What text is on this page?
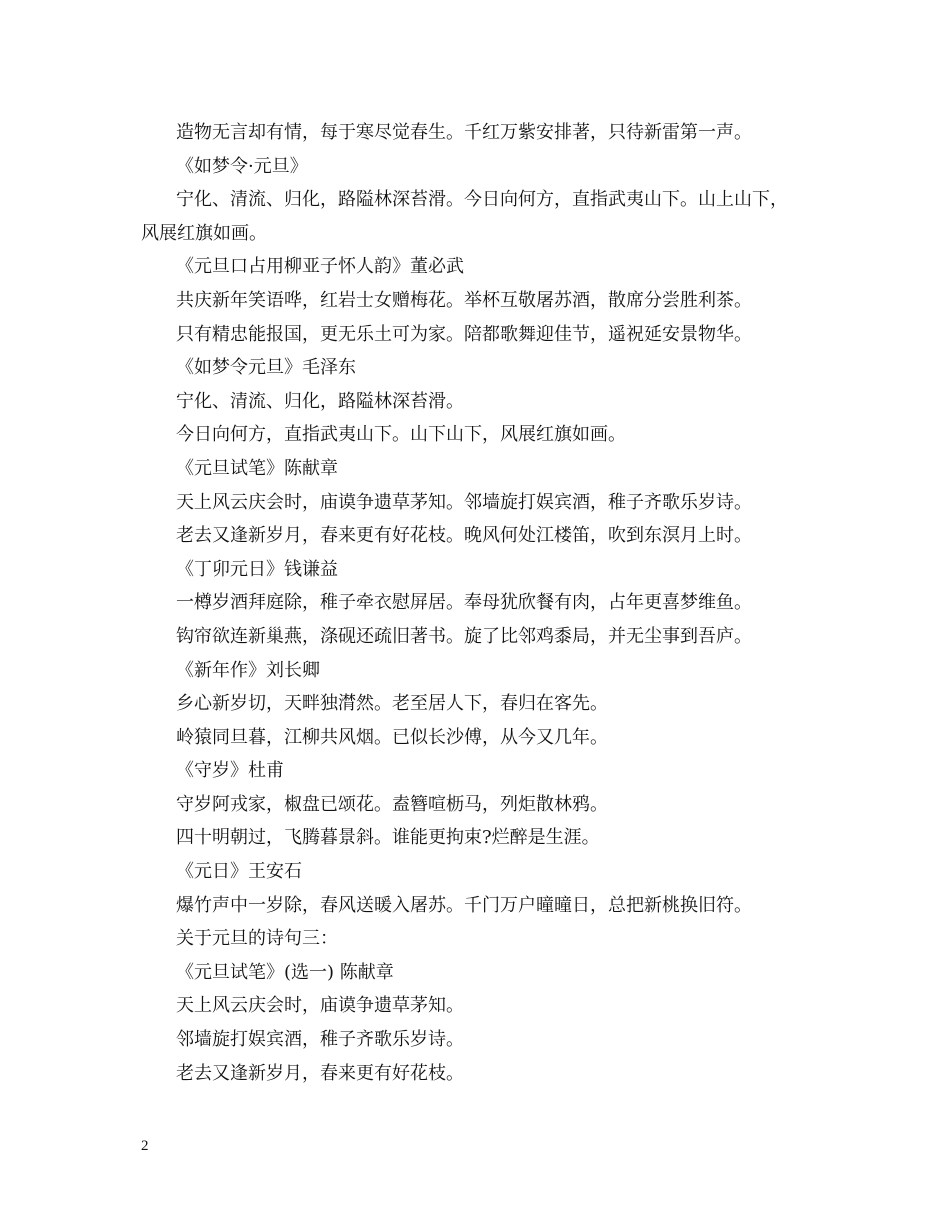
造物无言却有情，每于寒尽觉春生。千红万紫安排著，只待新雷第一声。
《如梦令·元旦》
宁化、清流、归化，路隘林深苔滑。今日向何方，直指武夷山下。山上山下，
风展红旗如画。
《元旦口占用柳亚子怀人韵》董必武
共庆新年笑语哗，红岩士女赠梅花。举杯互敬屠苏酒，散席分尝胜利茶。
只有精忠能报国，更无乐土可为家。陪都歌舞迎佳节，遥祝延安景物华。
《如梦令元旦》毛泽东
宁化、清流、归化，路隘林深苔滑。
今日向何方，直指武夷山下。山下山下，风展红旗如画。
《元旦试笔》陈献章
天上风云庆会时，庙谟争遗草茅知。邻墙旋打娱宾酒，稚子齐歌乐岁诗。
老去又逢新岁月，春来更有好花枝。晚风何处江楼笛，吹到东溟月上时。
《丁卯元日》钱谦益
一樽岁酒拜庭除，稚子牵衣慰屏居。奉母犹欣餐有肉，占年更喜梦维鱼。
钩帘欲连新巢燕，涤砚还疏旧著书。旋了比邻鸡黍局，并无尘事到吾庐。
《新年作》刘长卿
乡心新岁切，天畔独潸然。老至居人下，春归在客先。
岭猿同旦暮，江柳共风烟。已似长沙傅，从今又几年。
《守岁》杜甫
守岁阿戎家，椒盘已颂花。盍簪喧枥马，列炬散林鸦。
四十明朝过，飞腾暮景斜。谁能更拘束?烂醉是生涯。
《元日》王安石
爆竹声中一岁除，春风送暖入屠苏。千门万户曈曈日，总把新桃换旧符。
关于元旦的诗句三：
《元旦试笔》(选一) 陈献章
天上风云庆会时，庙谟争遗草茅知。
邻墙旋打娱宾酒，稚子齐歌乐岁诗。
老去又逢新岁月，春来更有好花枝。
2
